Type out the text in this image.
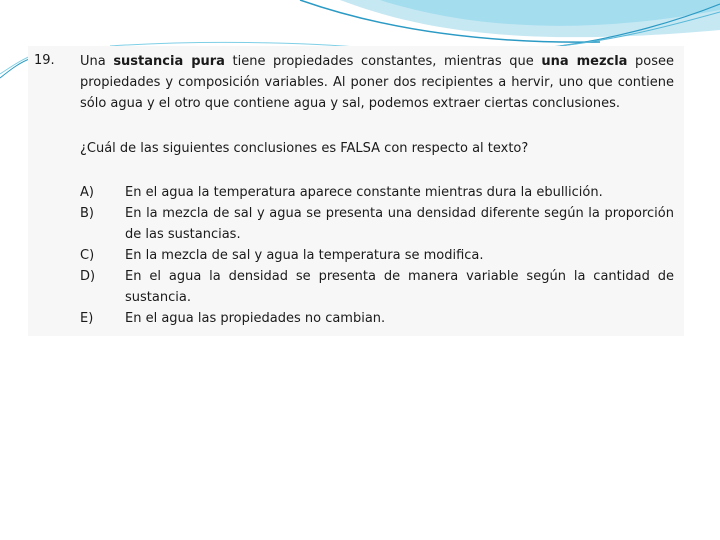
19. Una sustancia pura tiene propiedades constantes, mientras que una mezcla posee propiedades y composición variables. Al poner dos recipientes a hervir, uno que contiene sólo agua y el otro que contiene agua y sal, podemos extraer ciertas conclusiones.
¿Cuál de las siguientes conclusiones es FALSA con respecto al texto?
A)	En el agua la temperatura aparece constante mientras dura la ebullición.
B)	En la mezcla de sal y agua se presenta una densidad diferente según la proporción de las sustancias.
C)	En la mezcla de sal y agua la temperatura se modifica.
D)	En el agua la densidad se presenta de manera variable según la cantidad de sustancia.
E)	En el agua las propiedades no cambian.
